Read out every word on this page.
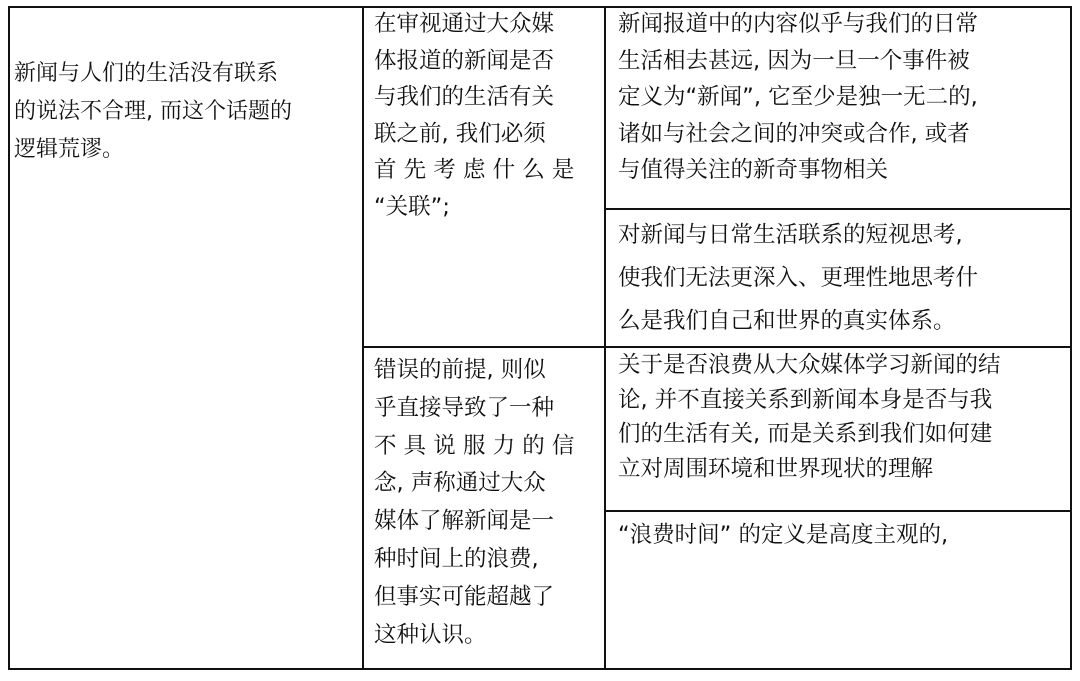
新闻与人们的生活没有联系
的说法不合理, 而这个话题的
逻辑荒谬。
在审视通过大众媒
体报道的新闻是否
与我们的生活有关
联之前, 我们必须
首 先 考 虑 什 么 是
“关联”;
错误的前提, 则似
乎直接导致了一种
不 具 说 服 力 的 信
念, 声称通过大众
媒体了解新闻是一
种时间上的浪费,
但事实可能超越了
这种认识。
新闻报道中的内容似乎与我们的日常
生活相去甚远, 因为一旦一个事件被
定义为“新闻”, 它至少是独一无二的,
诸如与社会之间的冲突或合作, 或者
与值得关注的新奇事物相关
对新闻与日常生活联系的短视思考,
使我们无法更深入、更理性地思考什
么是我们自己和世界的真实体系。
关于是否浪费从大众媒体学习新闻的结
论, 并不直接关系到新闻本身是否与我
们的生活有关, 而是关系到我们如何建
立对周围环境和世界现状的理解
“浪费时间” 的定义是高度主观的,
